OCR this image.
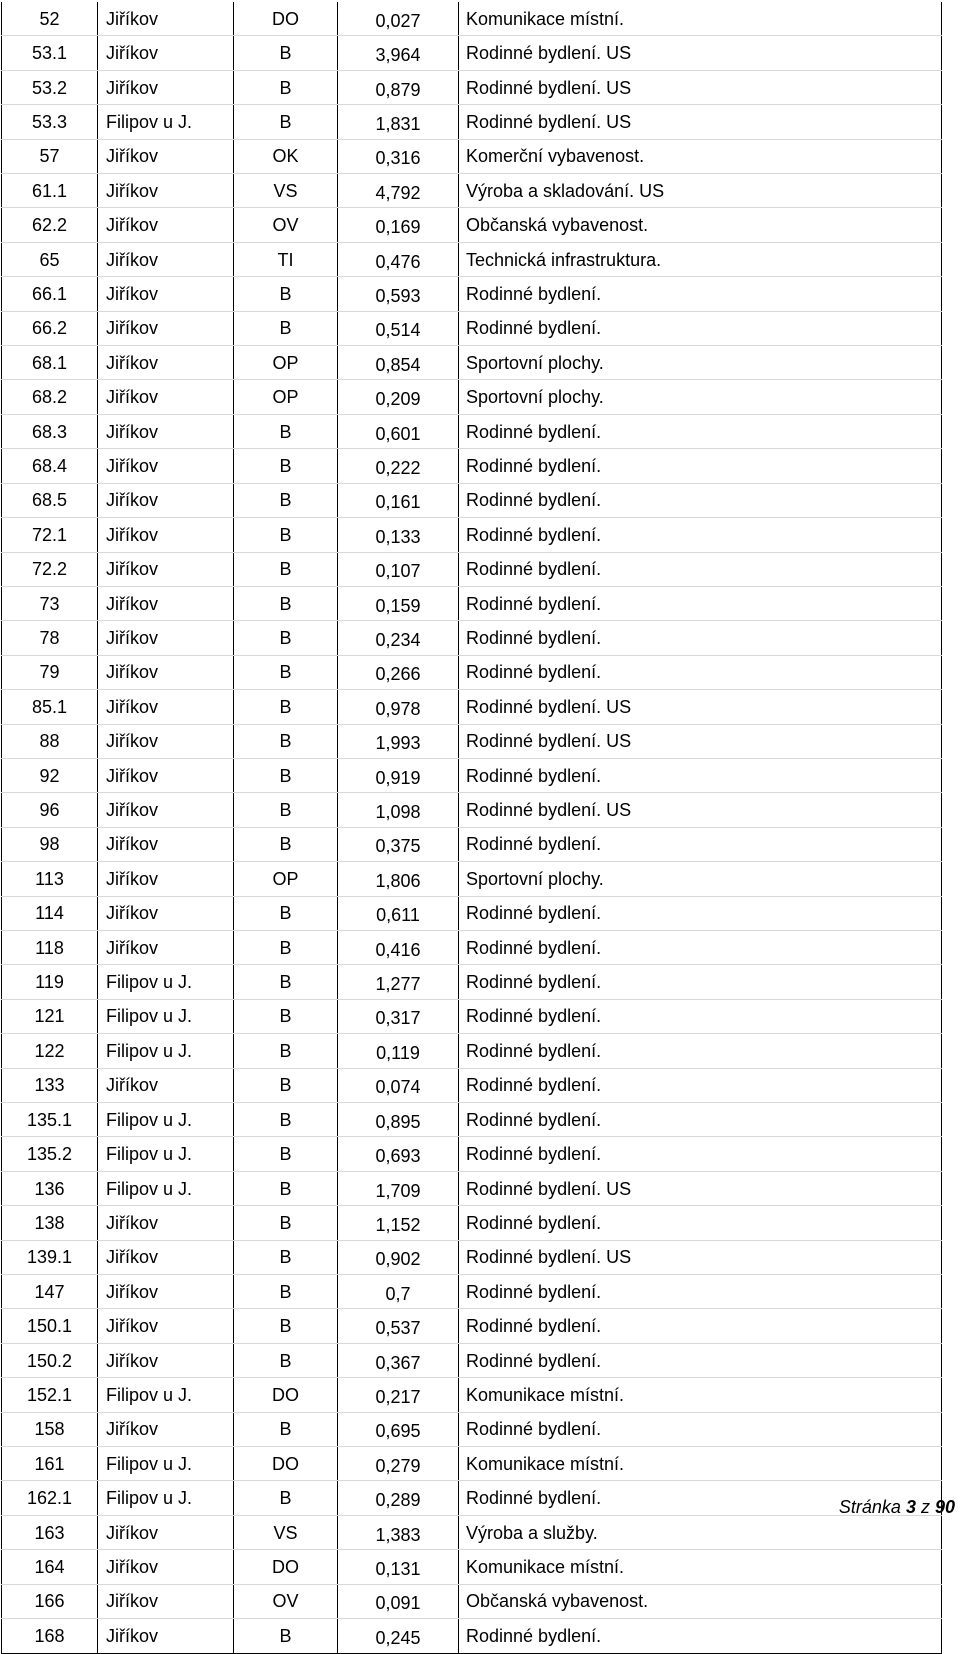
52	Jiříkov	DO	0,027	Komunikace místní.
53.1	Jiříkov	B	3,964	Rodinné bydlení. US
53.2	Jiříkov	B	0,879	Rodinné bydlení. US
53.3	Filipov u J.	B	1,831	Rodinné bydlení. US
57	Jiříkov	OK	0,316	Komerční vybavenost.
61.1	Jiříkov	VS	4,792	Výroba a skladování. US
62.2	Jiříkov	OV	0,169	Občanská vybavenost.
65	Jiříkov	TI	0,476	Technická infrastruktura.
66.1	Jiříkov	B	0,593	Rodinné bydlení.
66.2	Jiříkov	B	0,514	Rodinné bydlení.
68.1	Jiříkov	OP	0,854	Sportovní plochy.
68.2	Jiříkov	OP	0,209	Sportovní plochy.
68.3	Jiříkov	B	0,601	Rodinné bydlení.
68.4	Jiříkov	B	0,222	Rodinné bydlení.
68.5	Jiříkov	B	0,161	Rodinné bydlení.
72.1	Jiříkov	B	0,133	Rodinné bydlení.
72.2	Jiříkov	B	0,107	Rodinné bydlení.
73	Jiříkov	B	0,159	Rodinné bydlení.
78	Jiříkov	B	0,234	Rodinné bydlení.
79	Jiříkov	B	0,266	Rodinné bydlení.
85.1	Jiříkov	B	0,978	Rodinné bydlení. US
88	Jiříkov	B	1,993	Rodinné bydlení. US
92	Jiříkov	B	0,919	Rodinné bydlení.
96	Jiříkov	B	1,098	Rodinné bydlení. US
98	Jiříkov	B	0,375	Rodinné bydlení.
113	Jiříkov	OP	1,806	Sportovní plochy.
114	Jiříkov	B	0,611	Rodinné bydlení.
118	Jiříkov	B	0,416	Rodinné bydlení.
119	Filipov u J.	B	1,277	Rodinné bydlení.
121	Filipov u J.	B	0,317	Rodinné bydlení.
122	Filipov u J.	B	0,119	Rodinné bydlení.
133	Jiříkov	B	0,074	Rodinné bydlení.
135.1	Filipov u J.	B	0,895	Rodinné bydlení.
135.2	Filipov u J.	B	0,693	Rodinné bydlení.
136	Filipov u J.	B	1,709	Rodinné bydlení. US
138	Jiříkov	B	1,152	Rodinné bydlení.
139.1	Jiříkov	B	0,902	Rodinné bydlení. US
147	Jiříkov	B	0,7	Rodinné bydlení.
150.1	Jiříkov	B	0,537	Rodinné bydlení.
150.2	Jiříkov	B	0,367	Rodinné bydlení.
152.1	Filipov u J.	DO	0,217	Komunikace místní.
158	Jiříkov	B	0,695	Rodinné bydlení.
161	Filipov u J.	DO	0,279	Komunikace místní.
162.1	Filipov u J.	B	0,289	Rodinné bydlení.
163	Jiříkov	VS	1,383	Výroba a služby.
164	Jiříkov	DO	0,131	Komunikace místní.
166	Jiříkov	OV	0,091	Občanská vybavenost.
168	Jiříkov	B	0,245	Rodinné bydlení.
Stránka 3 z 90
